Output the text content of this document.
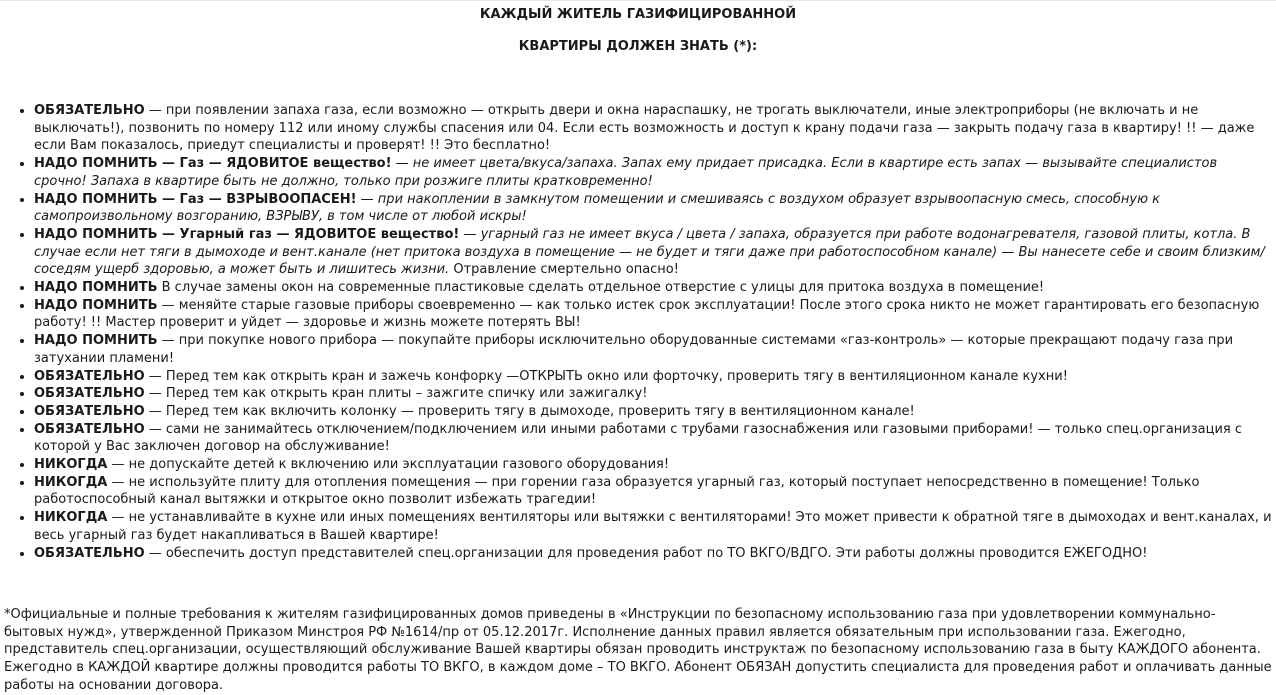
КАЖДЫЙ ЖИТЕЛЬ ГАЗИФИЦИРОВАННОЙ
КВАРТИРЫ ДОЛЖЕН ЗНАТЬ (*):
• ОБЯЗАТЕЛЬНО — при появлении запаха газа, если возможно — открыть двери и окна нараспашку, не трогать выключатели, иные электроприборы (не включать и не выключать!), позвонить по номеру 112 или иному службы спасения или 04. Если есть возможность и доступ к крану подачи газа — закрыть подачу газа в квартиру! !! — даже если Вам показалось, приедут специалисты и проверят! !! Это бесплатно!
• НАДО ПОМНИТЬ — Газ — ЯДОВИТОЕ вещество! — не имеет цвета/вкуса/запаха. Запах ему придает присадка. Если в квартире есть запах — вызывайте специалистов срочно! Запаха в квартире быть не должно, только при розжиге плиты кратковременно!
• НАДО ПОМНИТЬ — Газ — ВЗРЫВООПАСЕН! — при накоплении в замкнутом помещении и смешиваясь с воздухом образует взрывоопасную смесь, способную к самопроизвольному возгоранию, ВЗРЫВУ, в том числе от любой искры!
• НАДО ПОМНИТЬ — Угарный газ — ЯДОВИТОЕ вещество! — угарный газ не имеет вкуса / цвета / запаха, образуется при работе водонагревателя, газовой плиты, котла. В случае если нет тяги в дымоходе и вент.канале (нет притока воздуха в помещение — не будет и тяги даже при работоспособном канале) — Вы нанесете себе и своим близким/соседям ущерб здоровью, а может быть и лишитесь жизни. Отравление смертельно опасно!
• НАДО ПОМНИТЬ В случае замены окон на современные пластиковые сделать отдельное отверстие с улицы для притока воздуха в помещение!
• НАДО ПОМНИТЬ — меняйте старые газовые приборы своевременно — как только истек срок эксплуатации! После этого срока никто не может гарантировать его безопасную работу! !! Мастер проверит и уйдет — здоровье и жизнь можете потерять ВЫ!
• НАДО ПОМНИТЬ — при покупке нового прибора — покупайте приборы исключительно оборудованные системами «газ-контроль» — которые прекращают подачу газа при затухании пламени!
• ОБЯЗАТЕЛЬНО — Перед тем как открыть кран и зажечь конфорку —ОТКРЫТЬ окно или форточку, проверить тягу в вентиляционном канале кухни!
• ОБЯЗАТЕЛЬНО — Перед тем как открыть кран плиты – зажгите спичку или зажигалку!
• ОБЯЗАТЕЛЬНО — Перед тем как включить колонку — проверить тягу в дымоходе, проверить тягу в вентиляционном канале!
• ОБЯЗАТЕЛЬНО — сами не занимайтесь отключением/подключением или иными работами с трубами газоснабжения или газовыми приборами! — только спец.организация с которой у Вас заключен договор на обслуживание!
• НИКОГДА — не допускайте детей к включению или эксплуатации газового оборудования!
• НИКОГДА — не используйте плиту для отопления помещения — при горении газа образуется угарный газ, который поступает непосредственно в помещение! Только работоспособный канал вытяжки и открытое окно позволит избежать трагедии!
• НИКОГДА — не устанавливайте в кухне или иных помещениях вентиляторы или вытяжки с вентиляторами! Это может привести к обратной тяге в дымоходах и вент.каналах, и весь угарный газ будет накапливаться в Вашей квартире!
• ОБЯЗАТЕЛЬНО — обеспечить доступ представителей спец.организации для проведения работ по ТО ВКГО/ВДГО. Эти работы должны проводится ЕЖЕГОДНО!

*Официальные и полные требования к жителям газифицированных домов приведены в «Инструкции по безопасному использованию газа при удовлетворении коммунально-бытовых нужд», утвержденной Приказом Минстроя РФ №1614/пр от 05.12.2017г. Исполнение данных правил является обязательным при использовании газа. Ежегодно, представитель спец.организации, осуществляющий обслуживание Вашей квартиры обязан проводить инструктаж по безопасному использованию газа в быту КАЖДОГО абонента. Ежегодно в КАЖДОЙ квартире должны проводится работы ТО ВКГО, в каждом доме – ТО ВКГО. Абонент ОБЯЗАН допустить специалиста для проведения работ и оплачивать данные работы на основании договора.
